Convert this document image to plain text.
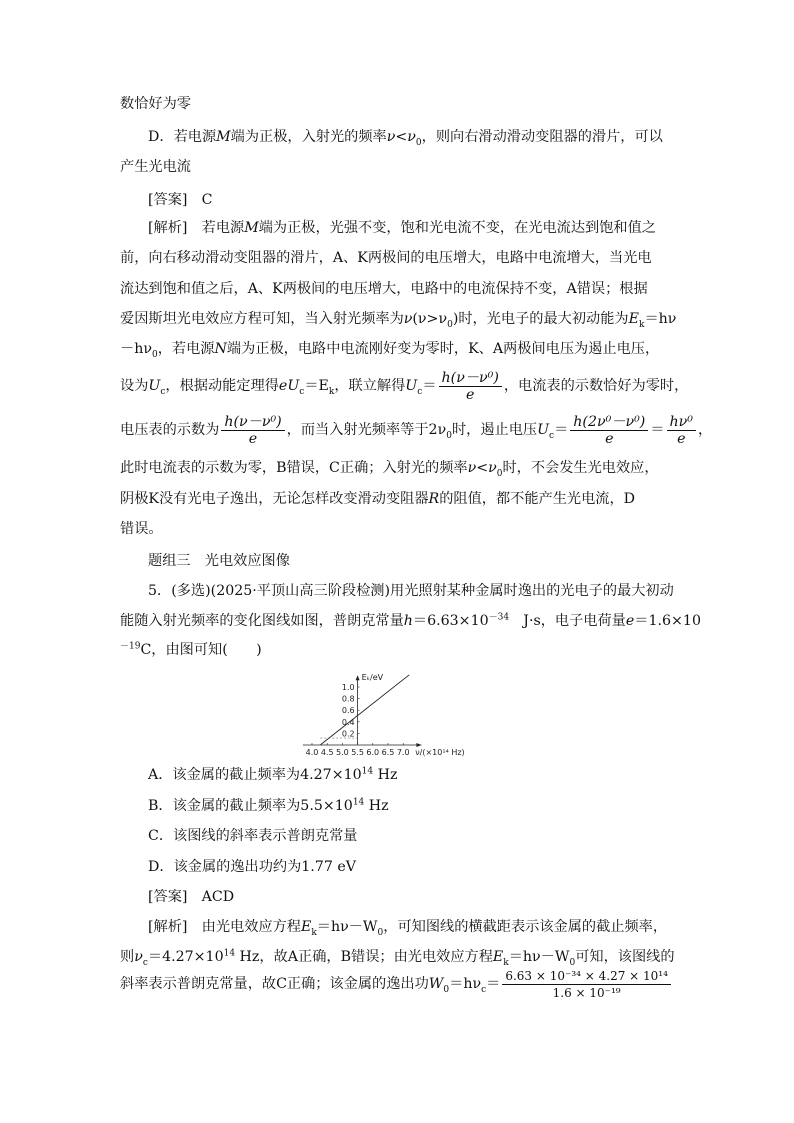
数恰好为零
D．若电源M端为正极，入射光的频率$\nu<\nu_0$，则向右滑动滑动变阻器的滑片，可以
产生光电流
[答案]　C
[解析]　若电源M端为正极，光强不变，饱和光电流不变，在光电流达到饱和值之
前，向右移动滑动变阻器的滑片，A、K两极间的电压增大，电路中电流增大，当光电
流达到饱和值之后，A、K两极间的电压增大，电路中的电流保持不变，A错误；根据
爱因斯坦光电效应方程可知，当入射光频率为$\nu(\nu>\nu_0)$时，光电子的最大初动能为$E_k=h\nu$
$-h\nu_0$，若电源N端为正极，电路中电流刚好变为零时，K、A两极间电压为遏止电压，
设为$U_c$，根据动能定理得$eU_c=E_k$，联立解得$U_c= \frac{\text{h(ν－ν⁰)}}{e}$ ，电流表的示数恰好为零时，
电压表的示数为 $\frac{\text{h(ν－ν⁰)}}{e}$ ，而当入射光频率等于$2\nu_0$时，遏止电压$U_c= \frac{\text{h(2ν⁰－ν⁰)}}{e} = \frac{\text{hν⁰}}{e}$ ，
此时电流表的示数为零，B错误，C正确；入射光的频率$\nu<\nu_0$时，不会发生光电效应，
阴极K没有光电子逸出，无论怎样改变滑动变阻器R的阻值，都不能产生光电流，D
错误。
题组三　光电效应图像
5．(多选)(2025·平顶山高三阶段检测)用光照射某种金属时逸出的光电子的最大初动
能随入射光频率的变化图线如图，普朗克常量$h=6.63\times 10^{-34}$　J·s，电子电荷量e＝1.6×10
$^{-19}$C，由图可知(　　)
4.0 4.5 5.0 5.5 6.0 6.5 7.0
0.2
0.4
0.6
0.8
1.0
Eₖ/eV
ν/(×10¹⁴ Hz)
A．该金属的截止频率为$4.27\times 10^{14}$ Hz
B．该金属的截止频率为$5.5\times 10^{14}$ Hz
C．该图线的斜率表示普朗克常量
D．该金属的逸出功约为1.77 eV
[答案]　ACD
[解析]　由光电效应方程$E_k=h\nu-W_0$，可知图线的横截距表示该金属的截止频率，
则$\nu_c=4.27\times 10^{14}$ Hz，故A正确，B错误；由光电效应方程$E_k=h\nu-W_0$可知，该图线的
斜率表示普朗克常量，故C正确；该金属的逸出功$W_0=h\nu_c= \frac{\text{6.63 × 10⁻³⁴ × 4.27 × 10¹⁴}}{\text{1.6 × 10⁻¹⁹}}$
